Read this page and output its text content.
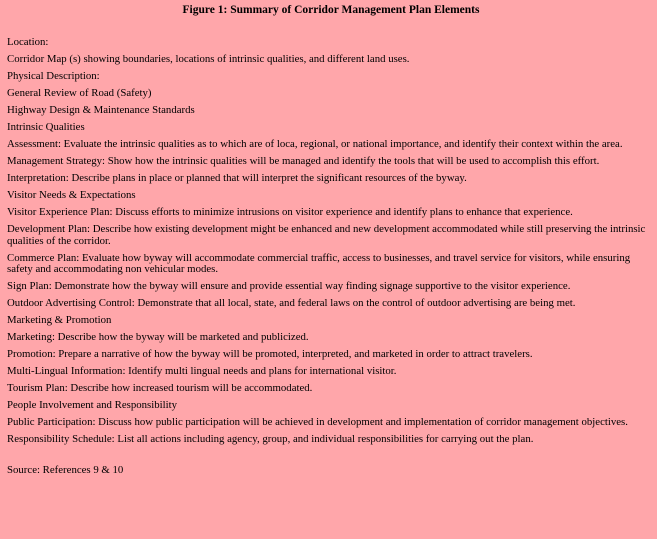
Figure 1: Summary of Corridor Management Plan Elements
Location:
Corridor Map (s) showing boundaries, locations of intrinsic qualities, and different land uses.
Physical Description:
General Review of Road (Safety)
Highway Design & Maintenance Standards
Intrinsic Qualities
Assessment: Evaluate the intrinsic qualities as to which are of loca, regional, or national importance, and identify their context within the area.
Management Strategy: Show how the intrinsic qualities will be managed and identify the tools that will be used to accomplish this effort.
Interpretation: Describe plans in place or planned that will interpret the significant resources of the byway.
Visitor Needs & Expectations
Visitor Experience Plan: Discuss efforts to minimize intrusions on visitor experience and identify plans to enhance that experience.
Development Plan: Describe how existing development might be enhanced and new development accommodated while still preserving the intrinsic qualities of the corridor.
Commerce Plan: Evaluate how byway will accommodate commercial traffic, access to businesses, and travel service for visitors, while ensuring safety and accommodating non vehicular modes.
Sign Plan: Demonstrate how the byway will ensure and provide essential way finding signage supportive to the visitor experience.
Outdoor Advertising Control: Demonstrate that all local, state, and federal laws on the control of outdoor advertising are being met.
Marketing & Promotion
Marketing: Describe how the byway will be marketed and publicized.
Promotion: Prepare a narrative of how the byway will be promoted, interpreted, and marketed in order to attract travelers.
Multi-Lingual Information: Identify multi lingual needs and plans for international visitor.
Tourism Plan: Describe how increased tourism will be accommodated.
People Involvement and Responsibility
Public Participation: Discuss how public participation will be achieved in development and implementation of corridor management objectives.
Responsibility Schedule: List all actions including agency, group, and individual responsibilities for carrying out the plan.
Source: References 9 & 10
